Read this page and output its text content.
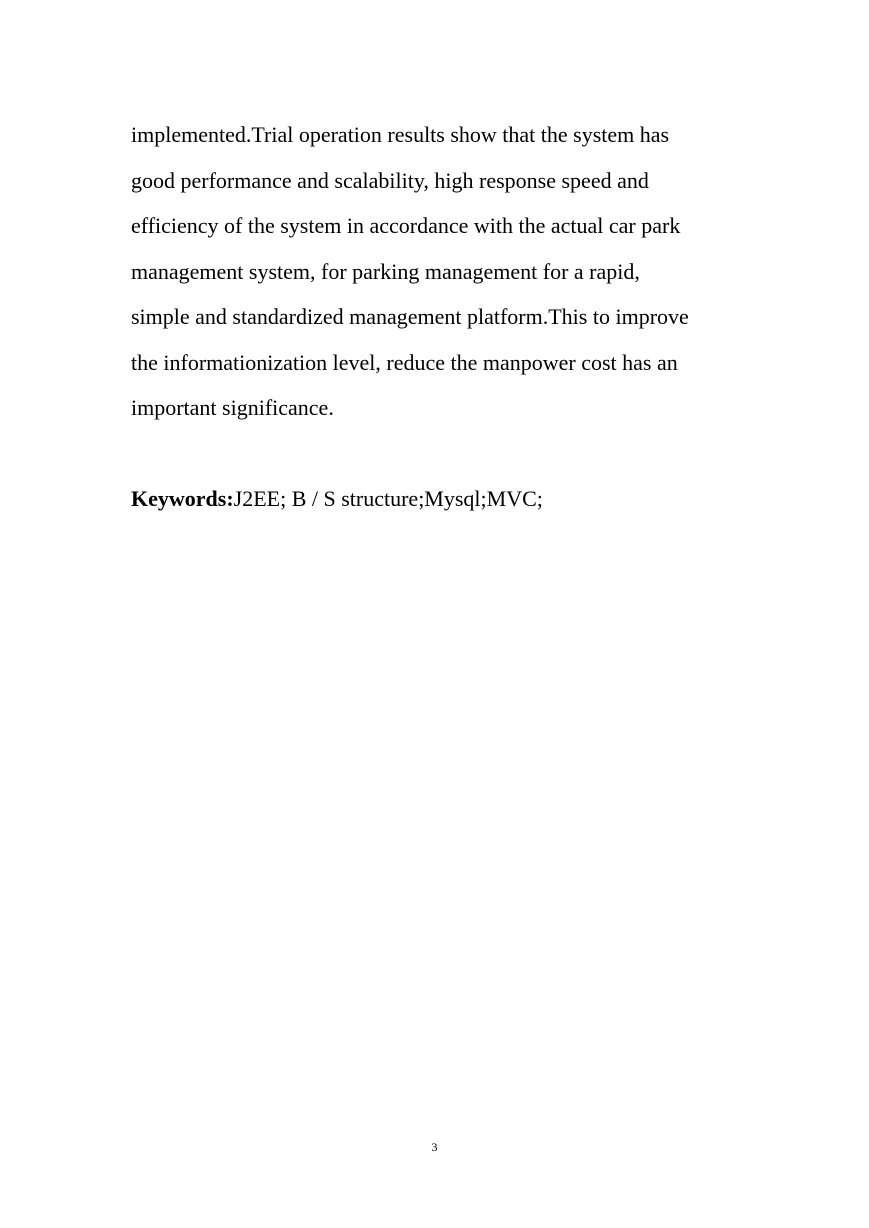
implemented.Trial operation results show that the system has
good performance and scalability, high response speed and
efficiency of the system in accordance with the actual car park
management system, for parking management for a rapid,
simple and standardized management platform.This to improve
the informationization level, reduce the manpower cost has an
important significance.

Keywords:J2EE; B / S structure;Mysql;MVC;

3
